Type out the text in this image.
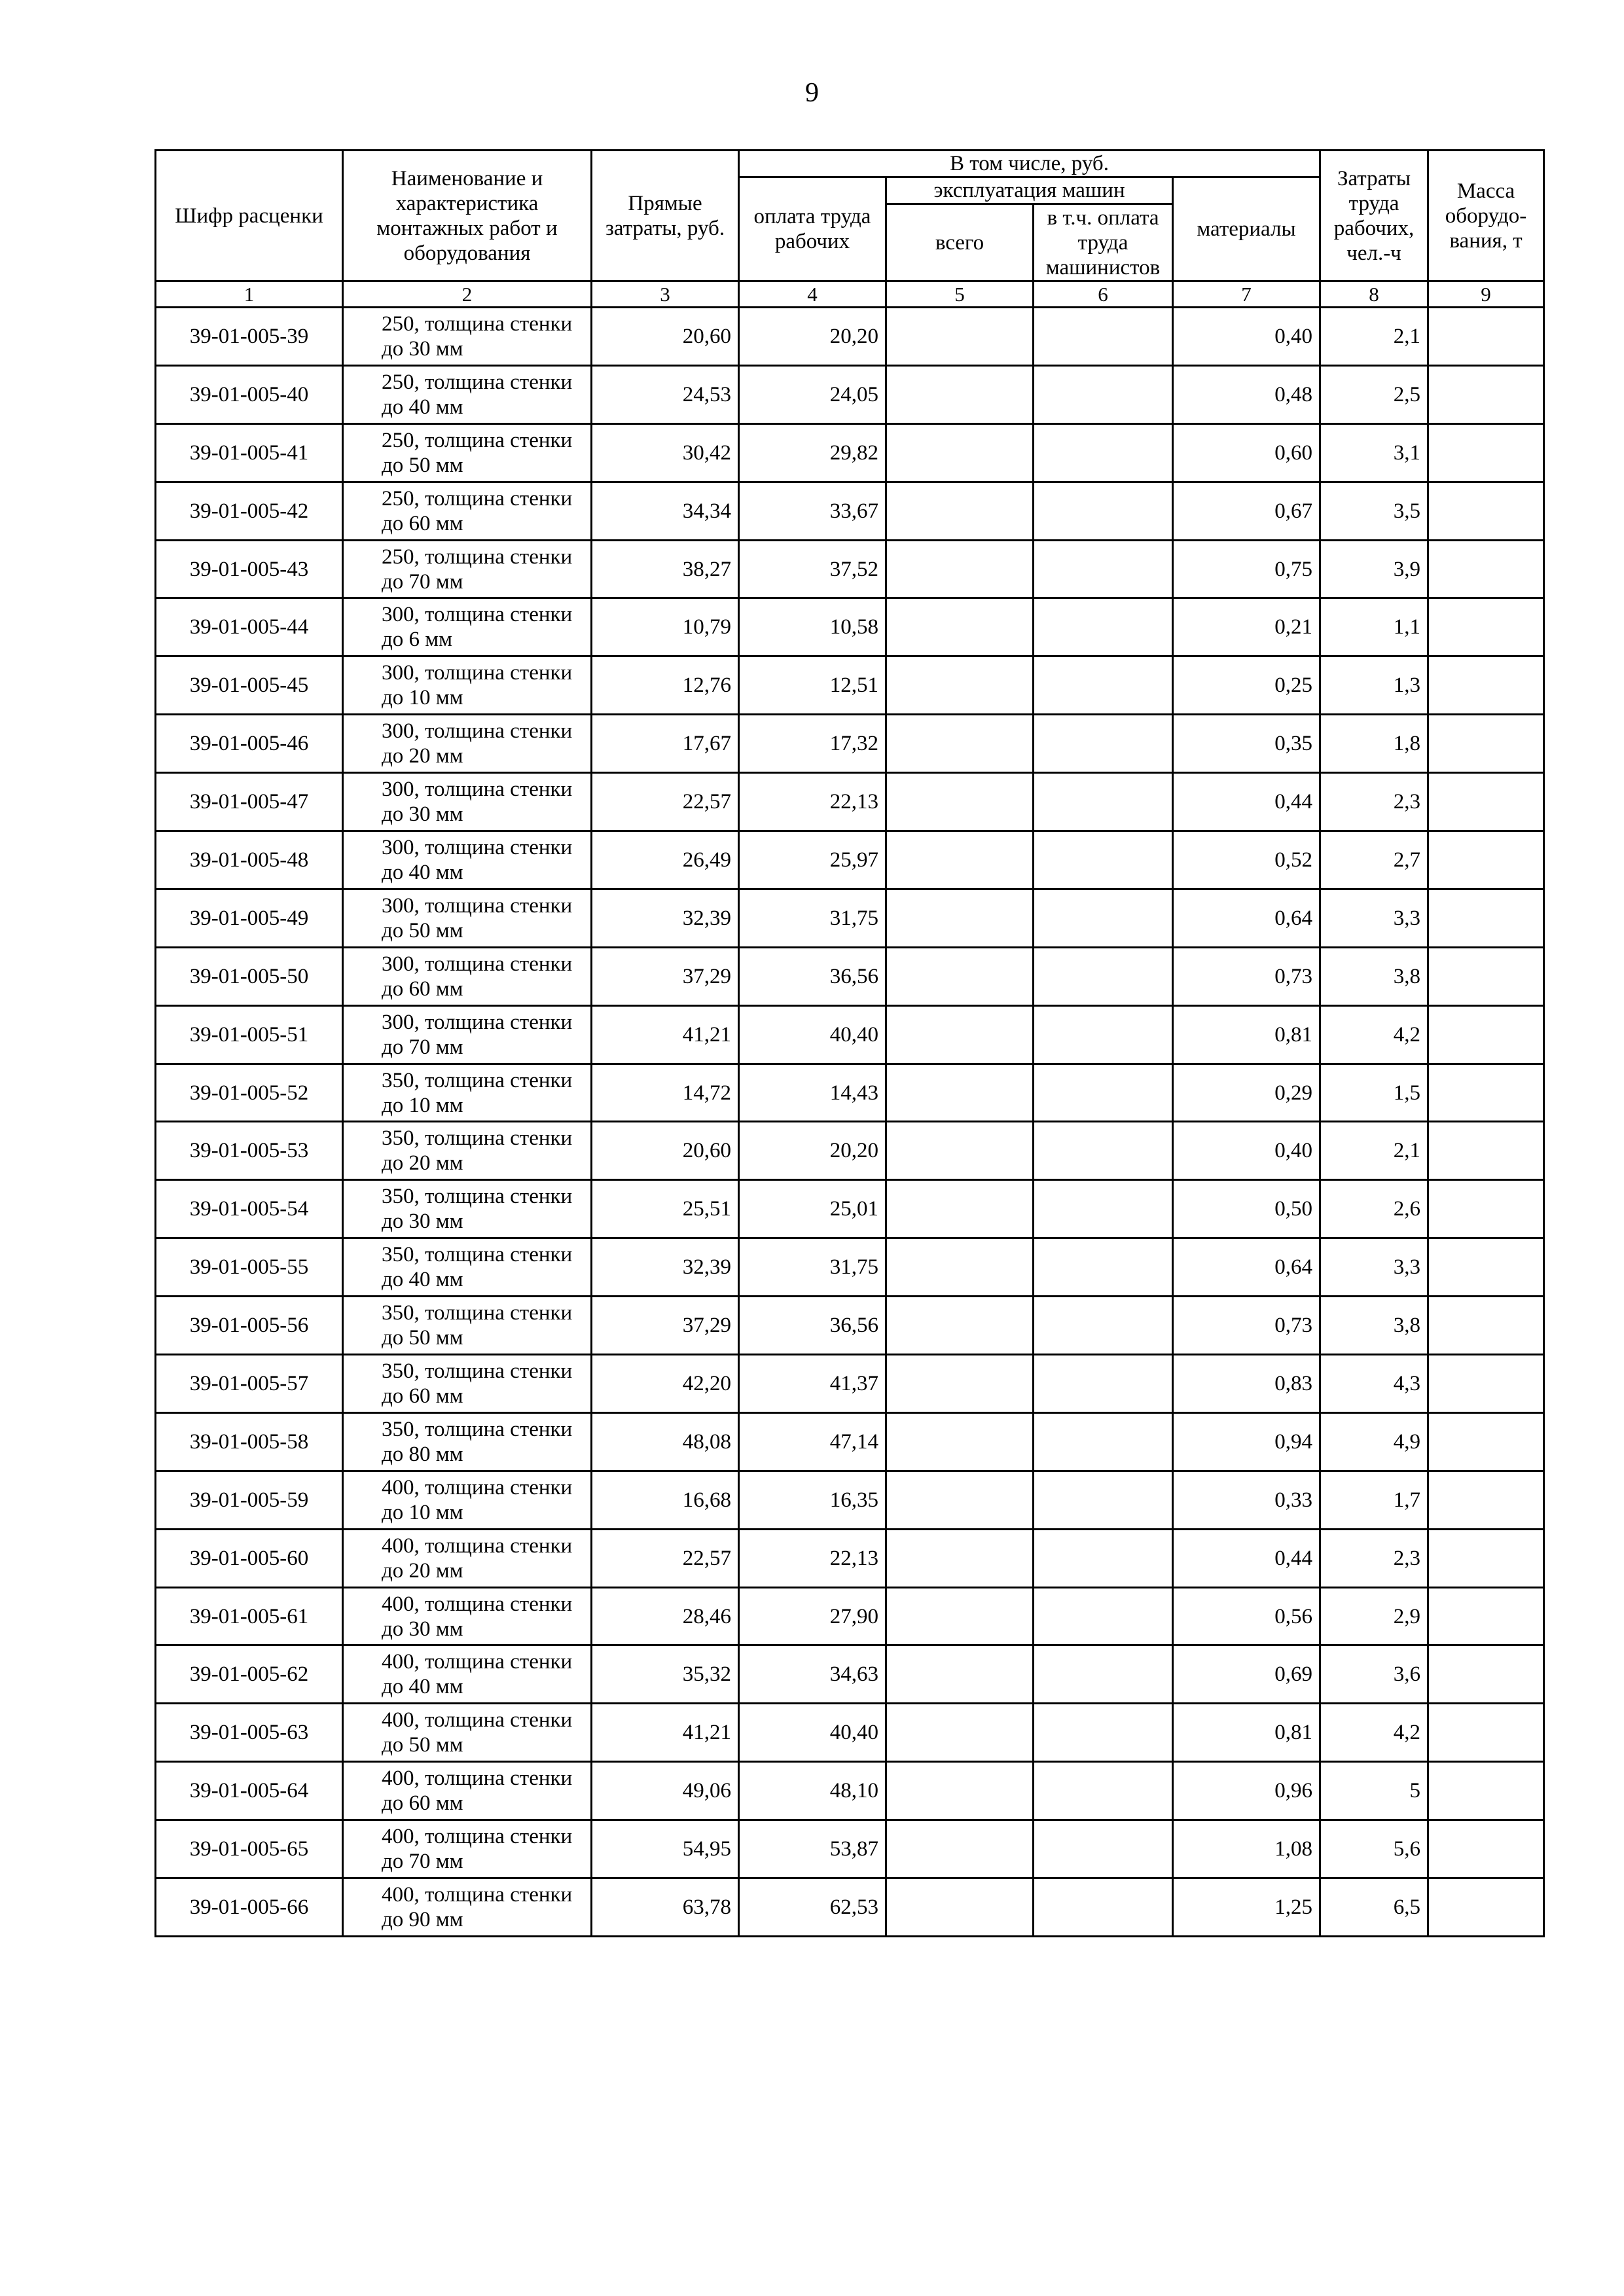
9
Шифр расценки	Наименование и характеристика монтажных работ и оборудования	Прямые затраты, руб.	В том числе, руб.				Затраты труда рабочих, чел.-ч	Масса оборудо-вания, т
			оплата труда рабочих	эксплуатация машин		материалы		
				всего	в т.ч. оплата труда машинистов			
1	2	3	4	5	6	7	8	9
39-01-005-39	250, толщина стенки до 30 мм	20,60	20,20			0,40	2,1	
39-01-005-40	250, толщина стенки до 40 мм	24,53	24,05			0,48	2,5	
39-01-005-41	250, толщина стенки до 50 мм	30,42	29,82			0,60	3,1	
39-01-005-42	250, толщина стенки до 60 мм	34,34	33,67			0,67	3,5	
39-01-005-43	250, толщина стенки до 70 мм	38,27	37,52			0,75	3,9	
39-01-005-44	300, толщина стенки до 6 мм	10,79	10,58			0,21	1,1	
39-01-005-45	300, толщина стенки до 10 мм	12,76	12,51			0,25	1,3	
39-01-005-46	300, толщина стенки до 20 мм	17,67	17,32			0,35	1,8	
39-01-005-47	300, толщина стенки до 30 мм	22,57	22,13			0,44	2,3	
39-01-005-48	300, толщина стенки до 40 мм	26,49	25,97			0,52	2,7	
39-01-005-49	300, толщина стенки до 50 мм	32,39	31,75			0,64	3,3	
39-01-005-50	300, толщина стенки до 60 мм	37,29	36,56			0,73	3,8	
39-01-005-51	300, толщина стенки до 70 мм	41,21	40,40			0,81	4,2	
39-01-005-52	350, толщина стенки до 10 мм	14,72	14,43			0,29	1,5	
39-01-005-53	350, толщина стенки до 20 мм	20,60	20,20			0,40	2,1	
39-01-005-54	350, толщина стенки до 30 мм	25,51	25,01			0,50	2,6	
39-01-005-55	350, толщина стенки до 40 мм	32,39	31,75			0,64	3,3	
39-01-005-56	350, толщина стенки до 50 мм	37,29	36,56			0,73	3,8	
39-01-005-57	350, толщина стенки до 60 мм	42,20	41,37			0,83	4,3	
39-01-005-58	350, толщина стенки до 80 мм	48,08	47,14			0,94	4,9	
39-01-005-59	400, толщина стенки до 10 мм	16,68	16,35			0,33	1,7	
39-01-005-60	400, толщина стенки до 20 мм	22,57	22,13			0,44	2,3	
39-01-005-61	400, толщина стенки до 30 мм	28,46	27,90			0,56	2,9	
39-01-005-62	400, толщина стенки до 40 мм	35,32	34,63			0,69	3,6	
39-01-005-63	400, толщина стенки до 50 мм	41,21	40,40			0,81	4,2	
39-01-005-64	400, толщина стенки до 60 мм	49,06	48,10			0,96	5	
39-01-005-65	400, толщина стенки до 70 мм	54,95	53,87			1,08	5,6	
39-01-005-66	400, толщина стенки до 90 мм	63,78	62,53			1,25	6,5	
